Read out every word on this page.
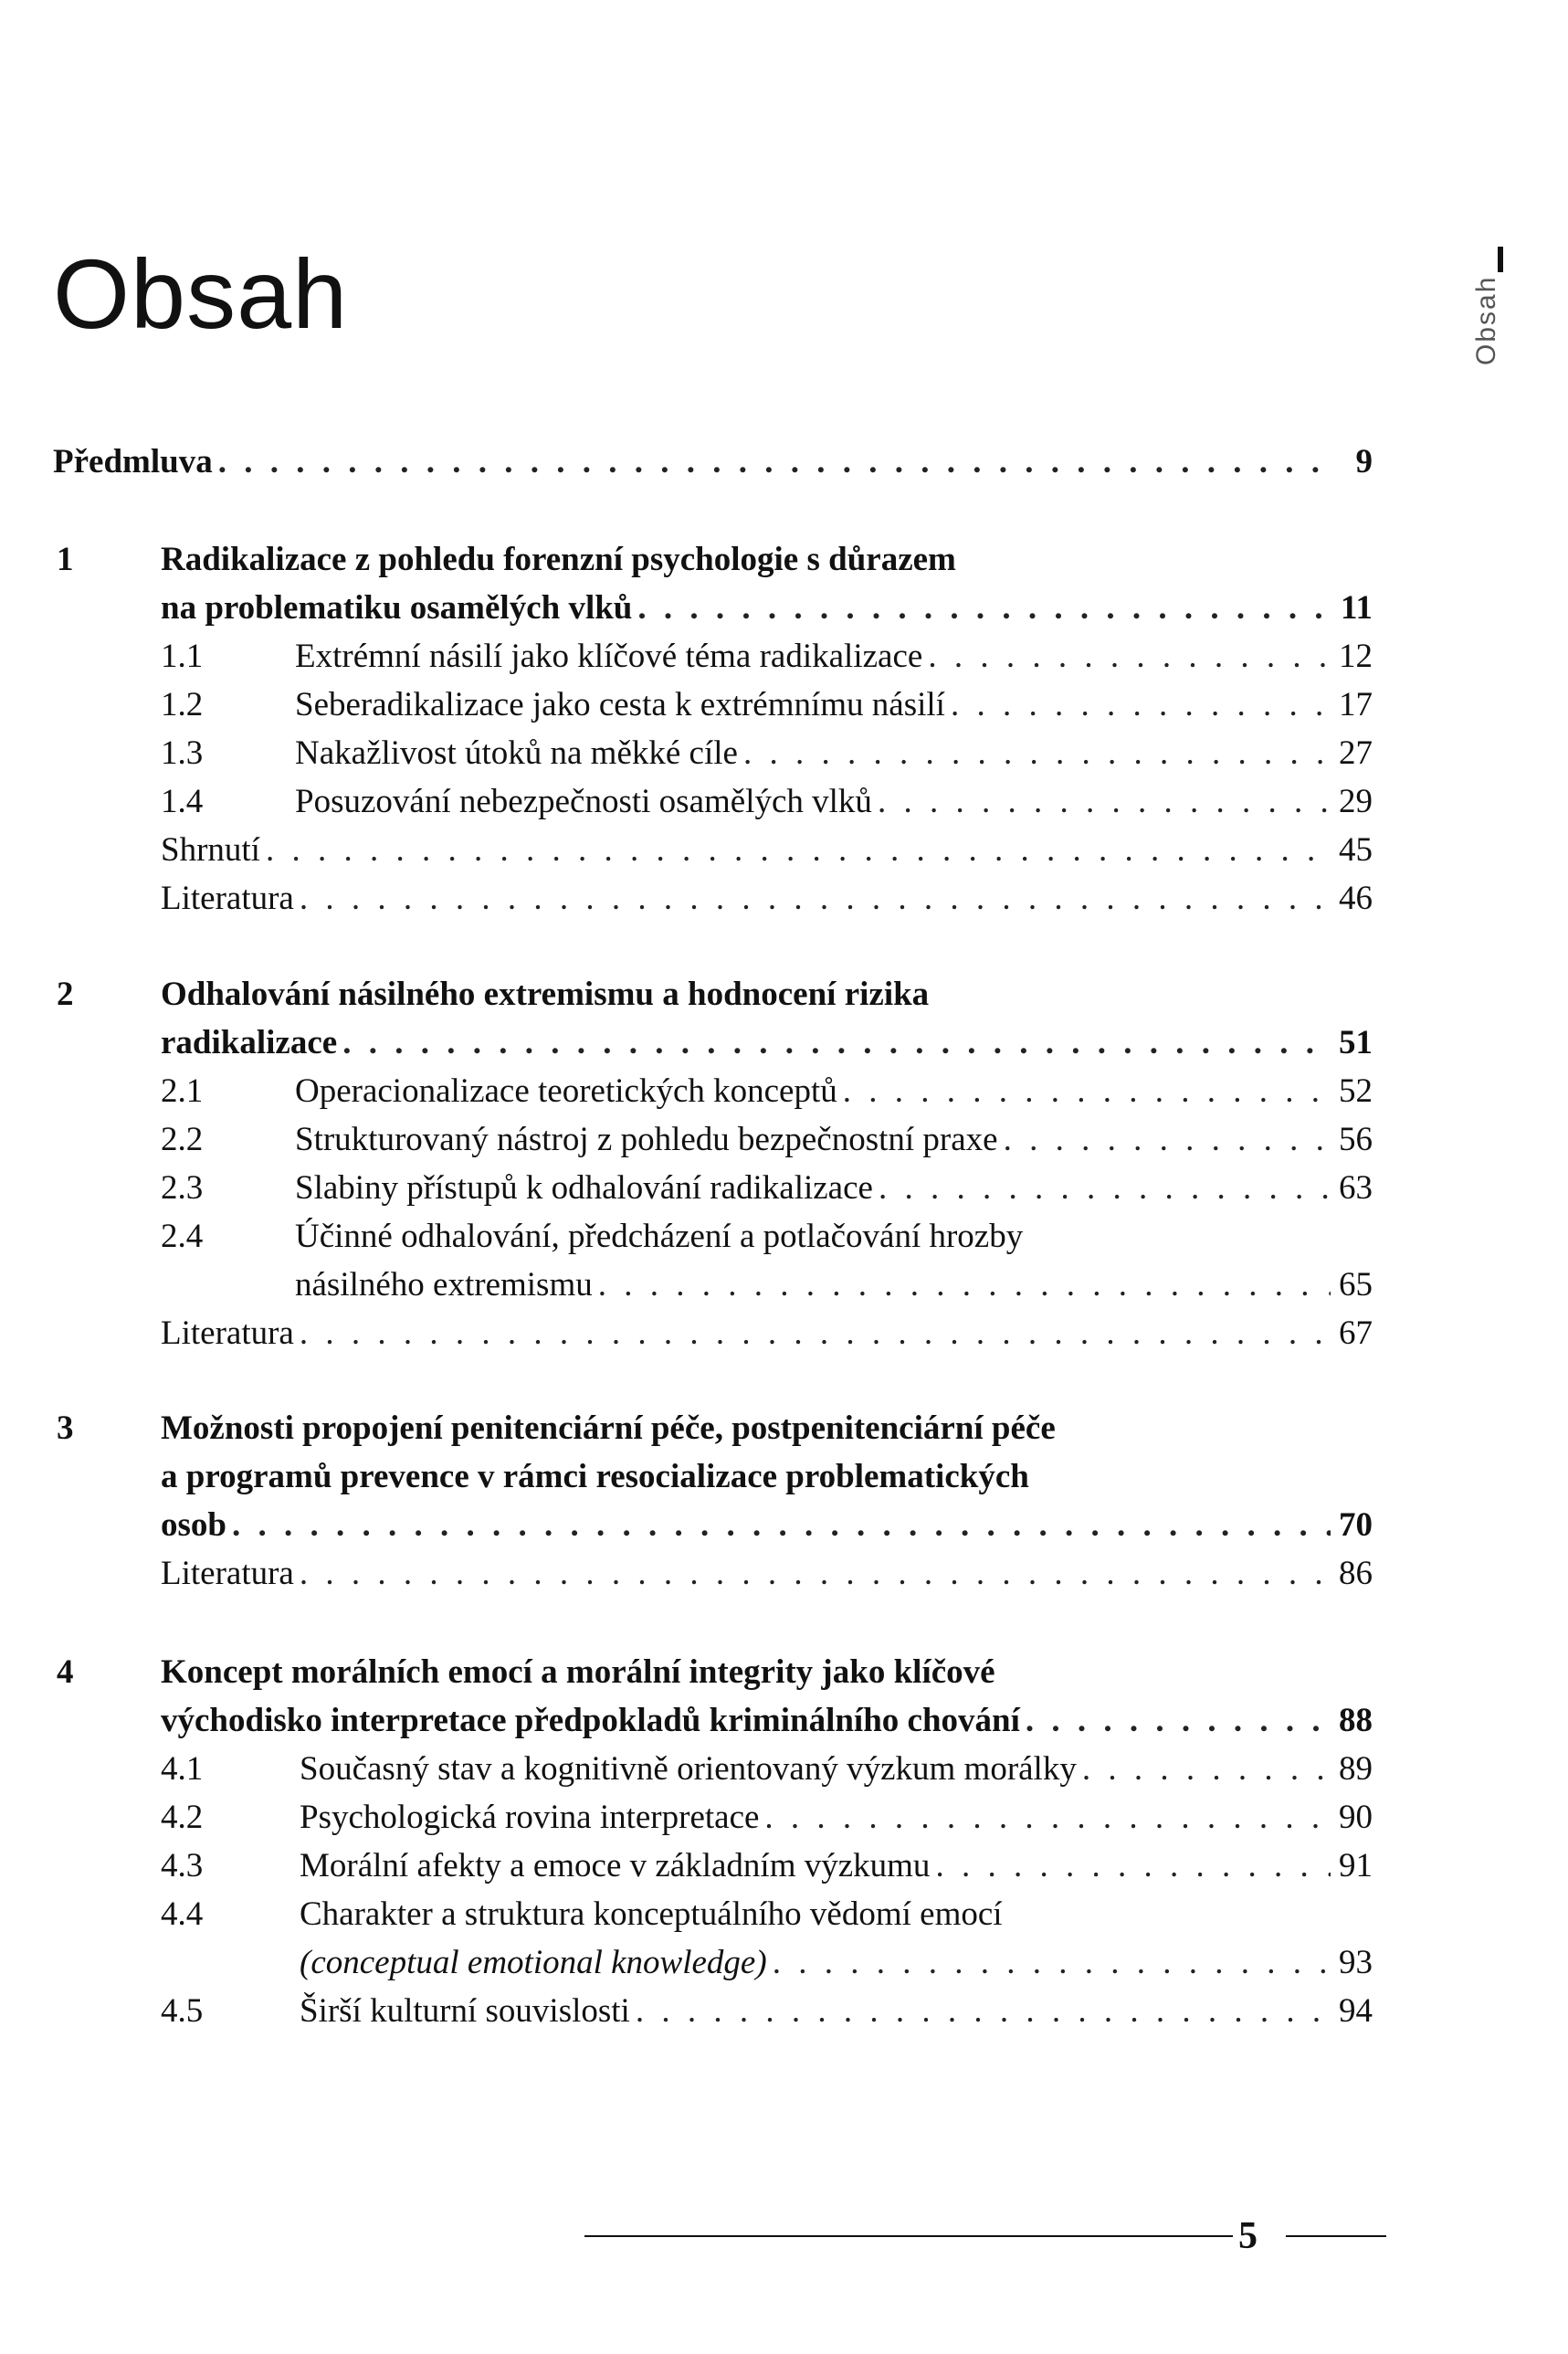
Obsah	Obsah
Předmluva . . .	9
1	Radikalizace z pohledu forenzní psychologie s důrazem
na problematiku osamělých vlků . . .	11
1.1	Extrémní násilí jako klíčové téma radikalizace . . .	12
1.2	Seberadikalizace jako cesta k extrémnímu násilí . . .	17
1.3	Nakažlivost útoků na měkké cíle . . .	27
1.4	Posuzování nebezpečnosti osamělých vlků . . .	29
Shrnutí . . .	45
Literatura . . .	46
2	Odhalování násilného extremismu a hodnocení rizika
radikalizace . . .	51
2.1	Operacionalizace teoretických konceptů . . .	52
2.2	Strukturovaný nástroj z pohledu bezpečnostní praxe . . .	56
2.3	Slabiny přístupů k odhalování radikalizace . . .	63
2.4	Účinné odhalování, předcházení a potlačování hrozby
násilného extremismu . . .	65
Literatura . . .	67
3	Možnosti propojení penitenciární péče, postpenitenciární péče
a programů prevence v rámci resocializace problematických
osob . . .	70
Literatura . . .	86
4	Koncept morálních emocí a morální integrity jako klíčové
východisko interpretace předpokladů kriminálního chování . . .	88
4.1	Současný stav a kognitivně orientovaný výzkum morálky . . .	89
4.2	Psychologická rovina interpretace . . .	90
4.3	Morální afekty a emoce v základním výzkumu . . .	91
4.4	Charakter a struktura konceptuálního vědomí emocí
(conceptual emotional knowledge) . . .	93
4.5	Širší kulturní souvislosti . . .	94
5
